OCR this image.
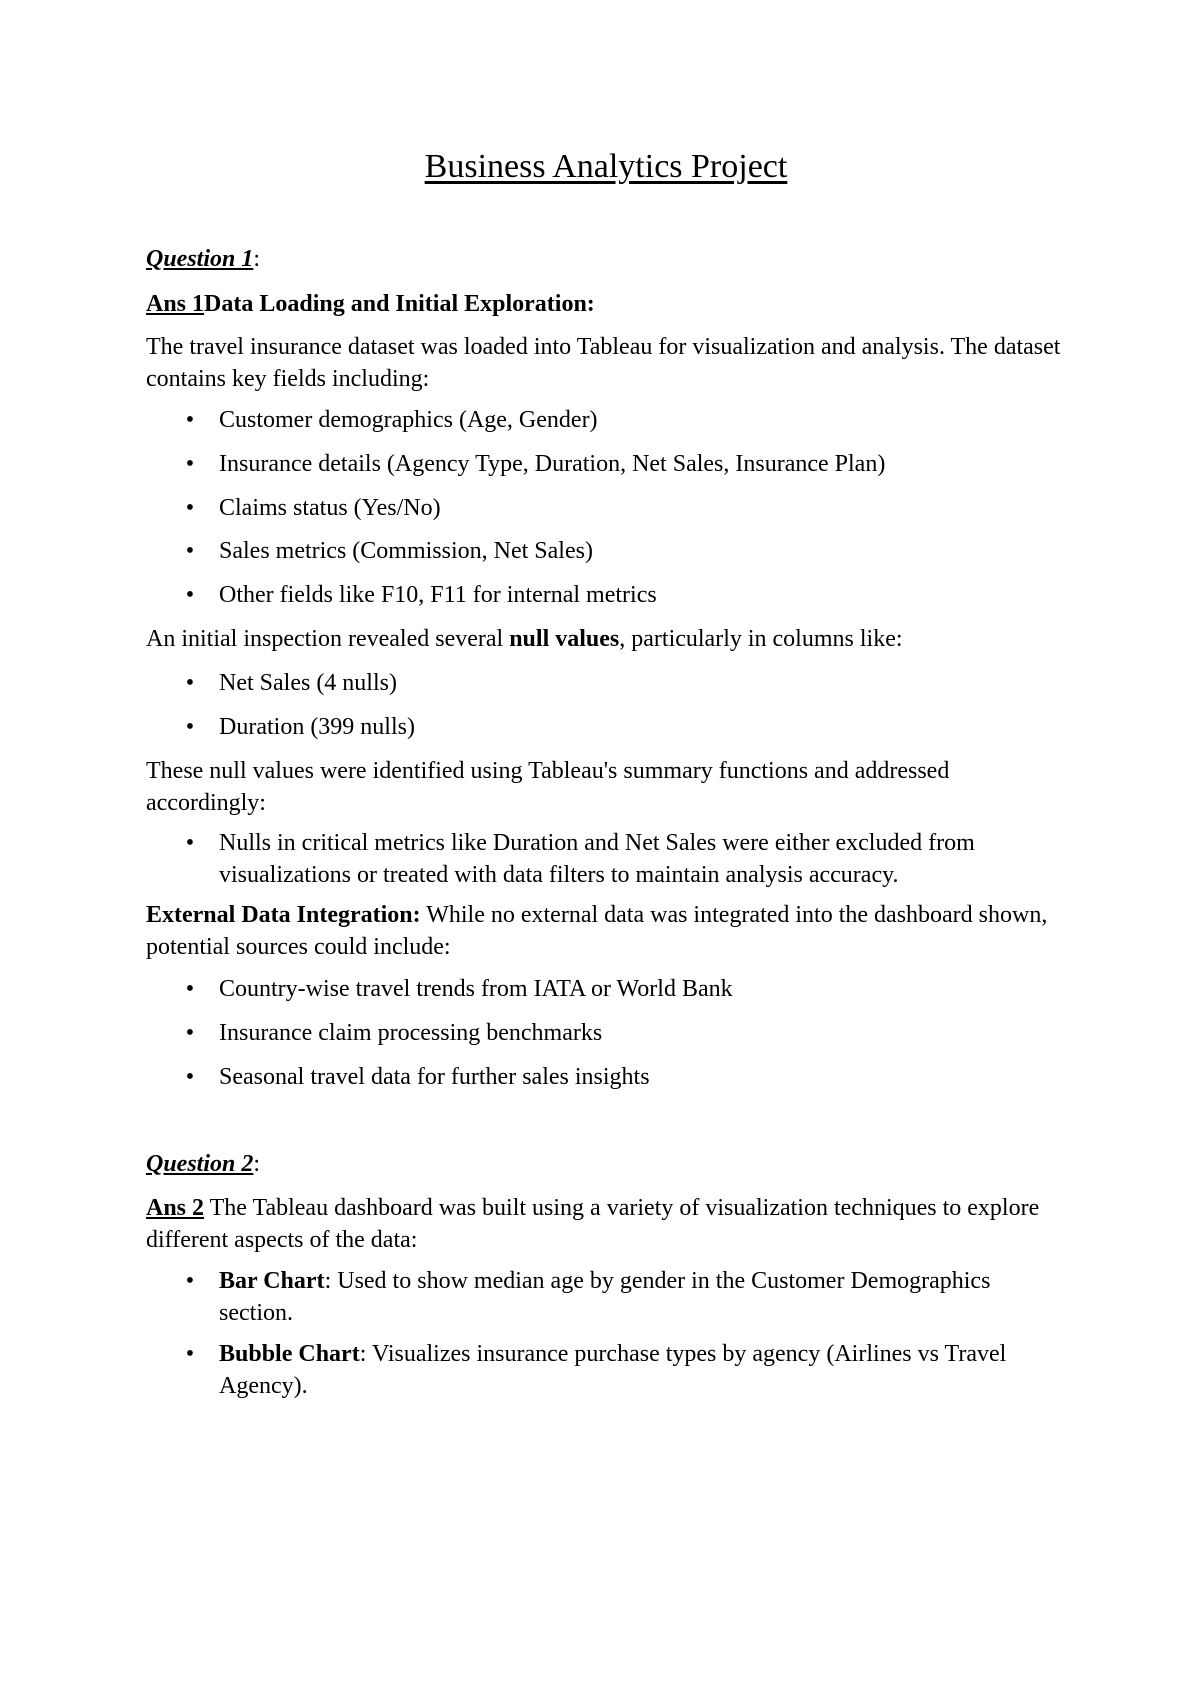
Business Analytics Project

Question 1:

Ans 1Data Loading and Initial Exploration:

The travel insurance dataset was loaded into Tableau for visualization and analysis. The dataset contains key fields including:

• Customer demographics (Age, Gender)
• Insurance details (Agency Type, Duration, Net Sales, Insurance Plan)
• Claims status (Yes/No)
• Sales metrics (Commission, Net Sales)
• Other fields like F10, F11 for internal metrics

An initial inspection revealed several null values, particularly in columns like:

• Net Sales (4 nulls)
• Duration (399 nulls)

These null values were identified using Tableau's summary functions and addressed accordingly:

• Nulls in critical metrics like Duration and Net Sales were either excluded from visualizations or treated with data filters to maintain analysis accuracy.

External Data Integration: While no external data was integrated into the dashboard shown, potential sources could include:

• Country-wise travel trends from IATA or World Bank
• Insurance claim processing benchmarks
• Seasonal travel data for further sales insights

Question 2:

Ans 2 The Tableau dashboard was built using a variety of visualization techniques to explore different aspects of the data:

• Bar Chart: Used to show median age by gender in the Customer Demographics section.
• Bubble Chart: Visualizes insurance purchase types by agency (Airlines vs Travel Agency).
